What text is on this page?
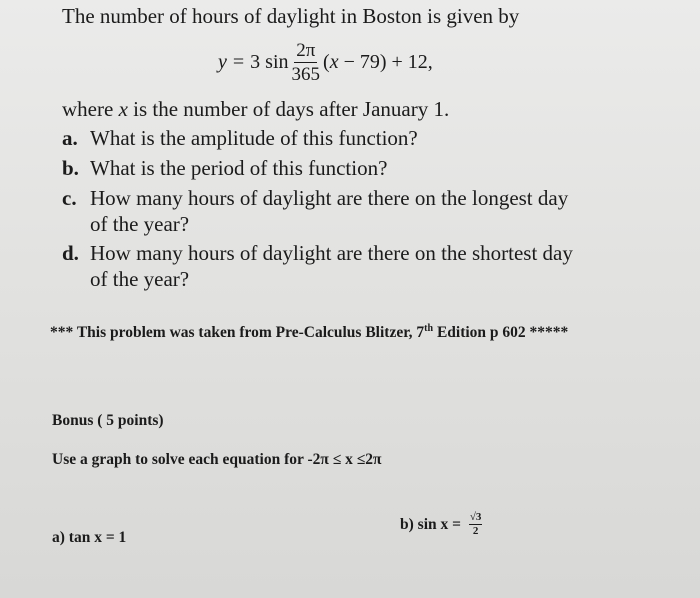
The number of hours of daylight in Boston is given by
y = 3 $\sin \frac{2\pi}{365}$ ( x − 79) + 12,
where x is the number of days after January 1.
a. What is the amplitude of this function?
b. What is the period of this function?
c. How many hours of daylight are there on the longest day
of the year?
d. How many hours of daylight are there on the shortest day
of the year?
*** This problem was taken from Pre-Calculus Blitzer, 7th Edition p 602 *****
Bonus ( 5 points)
Use a graph to solve each equation for -2π ≤ x ≤2π
a) tan x = 1
b) $\sin x = \frac{√3}{2}$
